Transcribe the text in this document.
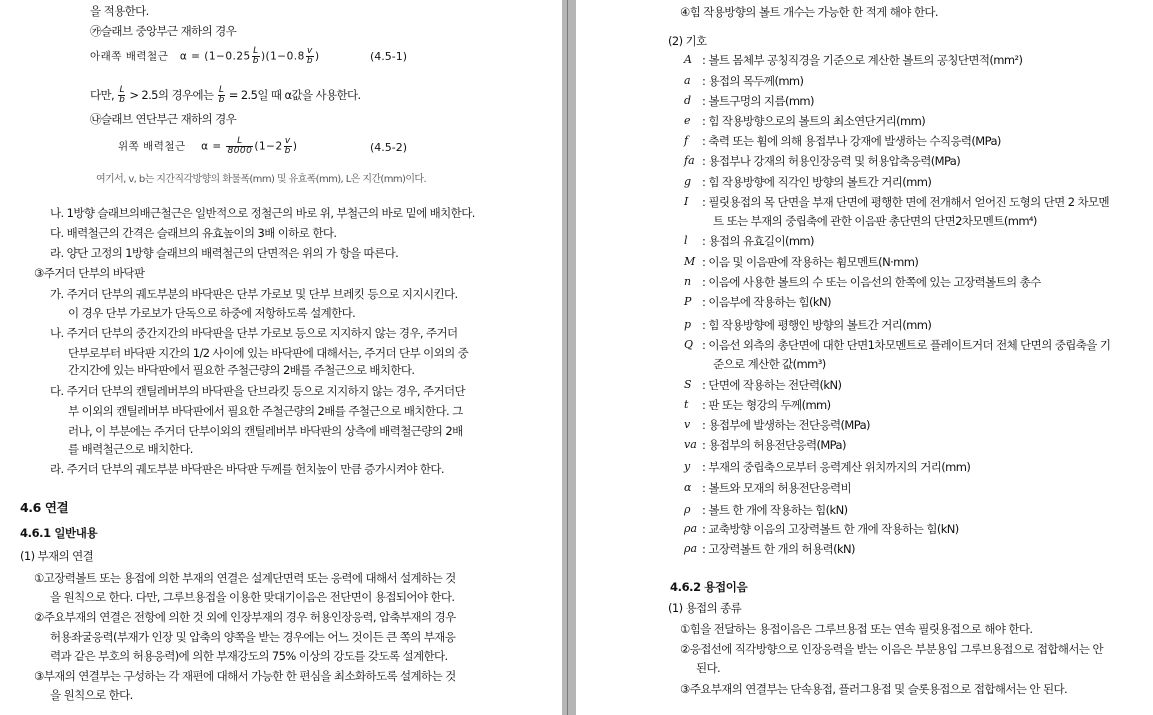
을 적용한다.
㉮슬래브 중앙부근 재하의 경우
아래쪽 배력철근 $\alpha = (1-0.25 \frac{L}{b} )(1-0.8 \frac{v}{b}$ )	(4.5-1)
다만, $\frac{L}{b} > 2.5$의 경우에는 $\frac{L}{b} = 2.5$일 때 α값을 사용한다.
㉯슬래브 연단부근 재하의 경우
위쪽 배력철근 $\alpha = \frac{L}{8000} (1-2 \frac{v}{b}$ )	(4.5-2)
여기서, v, b는 지간직각방향의 화물폭(mm) 및 유효폭(mm), L은 지간(mm)이다.
나. 1방향 슬래브의배근철근은 일반적으로 정철근의 바로 위, 부철근의 바로 밑에 배치한다.
다. 배력철근의 간격은 슬래브의 유효높이의 3배 이하로 한다.
라. 양단 고정의 1방향 슬래브의 배력철근의 단면적은 위의 가 항을 따른다.
③주거더 단부의 바닥판
가. 주거더 단부의 궤도부분의 바닥판은 단부 가로보 및 단부 브레킷 등으로 지지시킨다.
이 경우 단부 가로보가 단독으로 하중에 저항하도록 설계한다.
나. 주거더 단부의 중간지간의 바닥판을 단부 가로보 등으로 지지하지 않는 경우, 주거더
단부로부터 바닥판 지간의 1/2 사이에 있는 바닥판에 대해서는, 주거더 단부 이외의 중
간지간에 있는 바닥판에서 필요한 주철근량의 2배를 주철근으로 배치한다.
다. 주거더 단부의 캔틸레버부의 바닥판을 단브라킷 등으로 지지하지 않는 경우, 주거더단
부 이외의 캔틸레버부 바닥판에서 필요한 주철근량의 2배를 주철근으로 배치한다. 그
러나, 이 부분에는 주거더 단부이외의 캔틸레버부 바닥판의 상측에 배력철근량의 2배
를 배력철근으로 배치한다.
라. 주거더 단부의 궤도부분 바닥판은 바닥판 두께를 헌치높이 만큼 증가시켜야 한다.
4.6 연결
4.6.1 일반내용
(1) 부재의 연결
①고장력볼트 또는 용접에 의한 부재의 연결은 설계단면력 또는 응력에 대해서 설계하는 것
을 원칙으로 한다. 다만, 그루브용접을 이용한 맞대기이음은 전단면이 용접되어야 한다.
②주요부재의 연결은 전항에 의한 것 외에 인장부재의 경우 허용인장응력, 압축부재의 경우
허용좌굴응력(부재가 인장 및 압축의 양쪽을 받는 경우에는 어느 것이든 큰 쪽의 부재응
력과 같은 부호의 허용응력)에 의한 부재강도의 75% 이상의 강도를 갖도록 설계한다.
③부재의 연결부는 구성하는 각 재편에 대해서 가능한 한 편심을 최소화하도록 설계하는 것
을 원칙으로 한다.
④힘 작용방향의 볼트 개수는 가능한 한 적게 해야 한다.
(2) 기호
A : 볼트 몸체부 공칭직경을 기준으로 계산한 볼트의 공칭단면적(mm²)
a : 용접의 목두께(mm)
d : 볼트구멍의 지름(mm)
e : 힘 작용방향으로의 볼트의 최소연단거리(mm)
f : 축력 또는 휨에 의해 용접부나 강재에 발생하는 수직응력(MPa)
fa : 용접부나 강재의 허용인장응력 및 허용압축응력(MPa)
g : 힘 작용방향에 직각인 방향의 볼트간 거리(mm)
I : 필릿용접의 목 단면을 부재 단면에 평행한 면에 전개해서 얻어진 도형의 단면 2 차모멘
트 또는 부재의 중립축에 관한 이음판 총단면의 단면2차모멘트(mm⁴)
l : 용접의 유효길이(mm)
M : 이음 및 이음판에 작용하는 휨모멘트(N·mm)
n : 이음에 사용한 볼트의 수 또는 이음선의 한쪽에 있는 고장력볼트의 총수
P : 이음부에 작용하는 힘(kN)
p : 힘 작용방향에 평행인 방향의 볼트간 거리(mm)
Q : 이음선 외측의 총단면에 대한 단면1차모멘트로 플레이트거더 전체 단면의 중립축을 기
준으로 계산한 값(mm³)
S : 단면에 작용하는 전단력(kN)
t : 판 또는 형강의 두께(mm)
v : 용접부에 발생하는 전단응력(MPa)
va : 용접부의 허용전단응력(MPa)
y : 부재의 중립축으로부터 응력계산 위치까지의 거리(mm)
α : 볼트와 모재의 허용전단응력비
ρ : 볼트 한 개에 작용하는 힘(kN)
ρa : 교축방향 이음의 고장력볼트 한 개에 작용하는 힘(kN)
ρa : 고장력볼트 한 개의 허용력(kN)
4.6.2 용접이음
(1) 용접의 종류
①힘을 전달하는 용접이음은 그루브용접 또는 연속 필릿용접으로 해야 한다.
②응접선에 직각방향으로 인장응력을 받는 이음은 부분용입 그루브용접으로 접합해서는 안
된다.
③주요부재의 연결부는 단속용접, 플러그용접 및 슬롯용접으로 접합해서는 안 된다.
